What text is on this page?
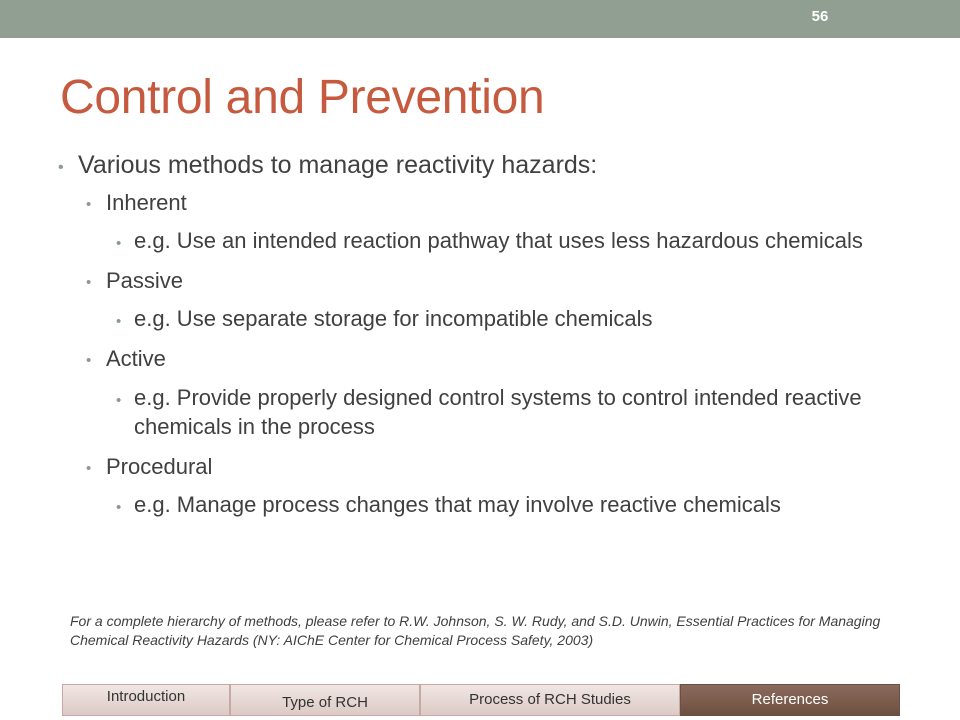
56
Control and Prevention
• Various methods to manage reactivity hazards:
• Inherent
• e.g. Use an intended reaction pathway that uses less hazardous chemicals
• Passive
• e.g. Use separate storage for incompatible chemicals
• Active
• e.g. Provide properly designed control systems to control intended reactive chemicals in the process
• Procedural
• e.g. Manage process changes that may involve reactive chemicals
For a complete hierarchy of methods, please refer to R.W. Johnson, S. W. Rudy, and S.D. Unwin, Essential Practices for Managing Chemical Reactivity Hazards (NY: AIChE Center for Chemical Process Safety, 2003)
Introduction	Type of RCH	Process of RCH Studies	References
